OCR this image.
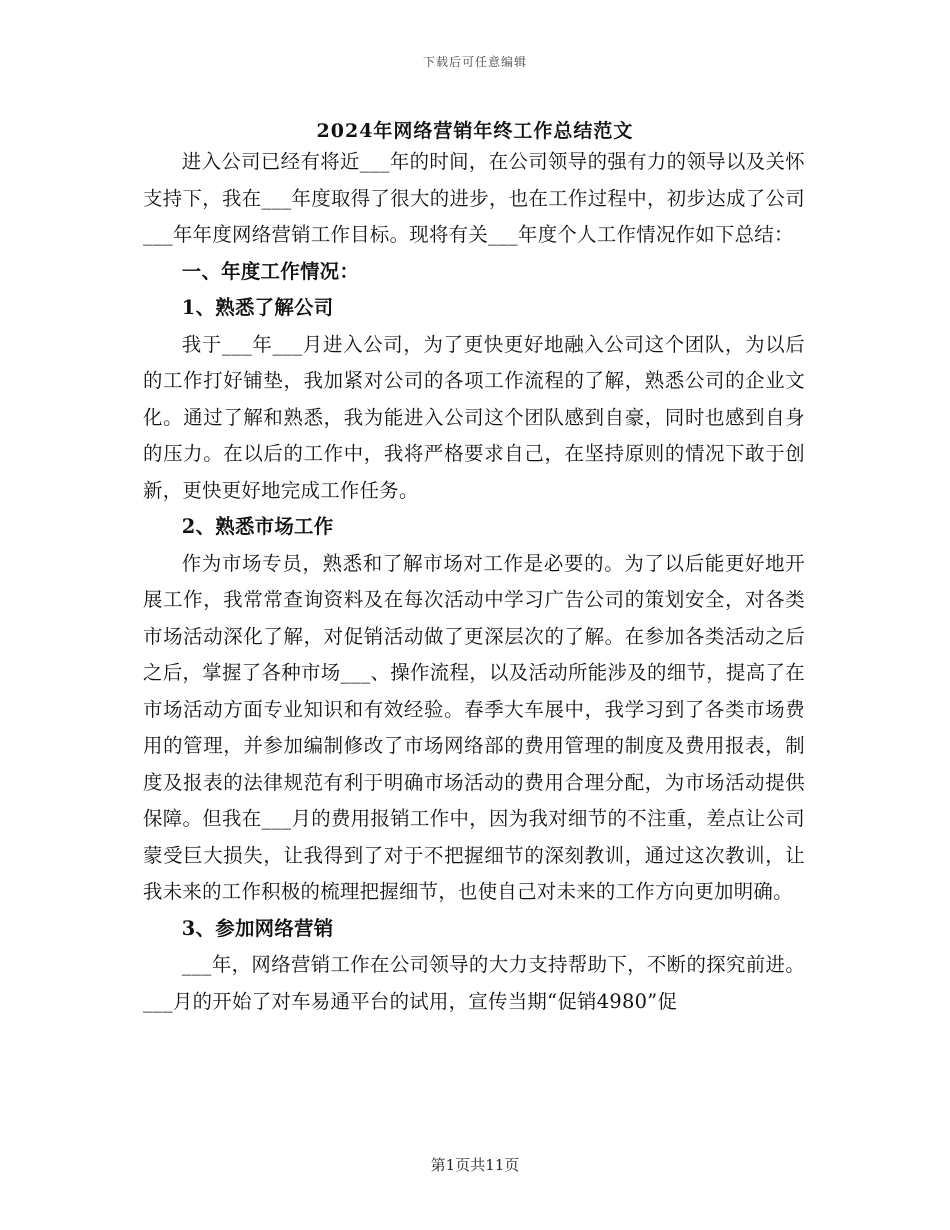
下载后可任意编辑
2024年网络营销年终工作总结范文

进入公司已经有将近___年的时间，在公司领导的强有力的领导以及关怀支持下，我在___年度取得了很大的进步，也在工作过程中，初步达成了公司___年年度网络营销工作目标。现将有关___年度个人工作情况作如下总结：

一、年度工作情况：
1、熟悉了解公司

我于___年___月进入公司，为了更快更好地融入公司这个团队，为以后的工作打好铺垫，我加紧对公司的各项工作流程的了解，熟悉公司的企业文化。通过了解和熟悉，我为能进入公司这个团队感到自豪，同时也感到自身的压力。在以后的工作中，我将严格要求自己，在坚持原则的情况下敢于创新，更快更好地完成工作任务。

2、熟悉市场工作

作为市场专员，熟悉和了解市场对工作是必要的。为了以后能更好地开展工作，我常常查询资料及在每次活动中学习广告公司的策划安全，对各类市场活动深化了解，对促销活动做了更深层次的了解。在参加各类活动之后之后，掌握了各种市场___、操作流程，以及活动所能涉及的细节，提高了在市场活动方面专业知识和有效经验。春季大车展中，我学习到了各类市场费用的管理，并参加编制修改了市场网络部的费用管理的制度及费用报表，制度及报表的法律规范有利于明确市场活动的费用合理分配，为市场活动提供保障。但我在___月的费用报销工作中，因为我对细节的不注重，差点让公司蒙受巨大损失，让我得到了对于不把握细节的深刻教训，通过这次教训，让我未来的工作积极的梳理把握细节，也使自己对未来的工作方向更加明确。

3、参加网络营销

___年，网络营销工作在公司领导的大力支持帮助下，不断的探究前进。___月的开始了对车易通平台的试用，宣传当期“促销4980”促

第1页共11页
